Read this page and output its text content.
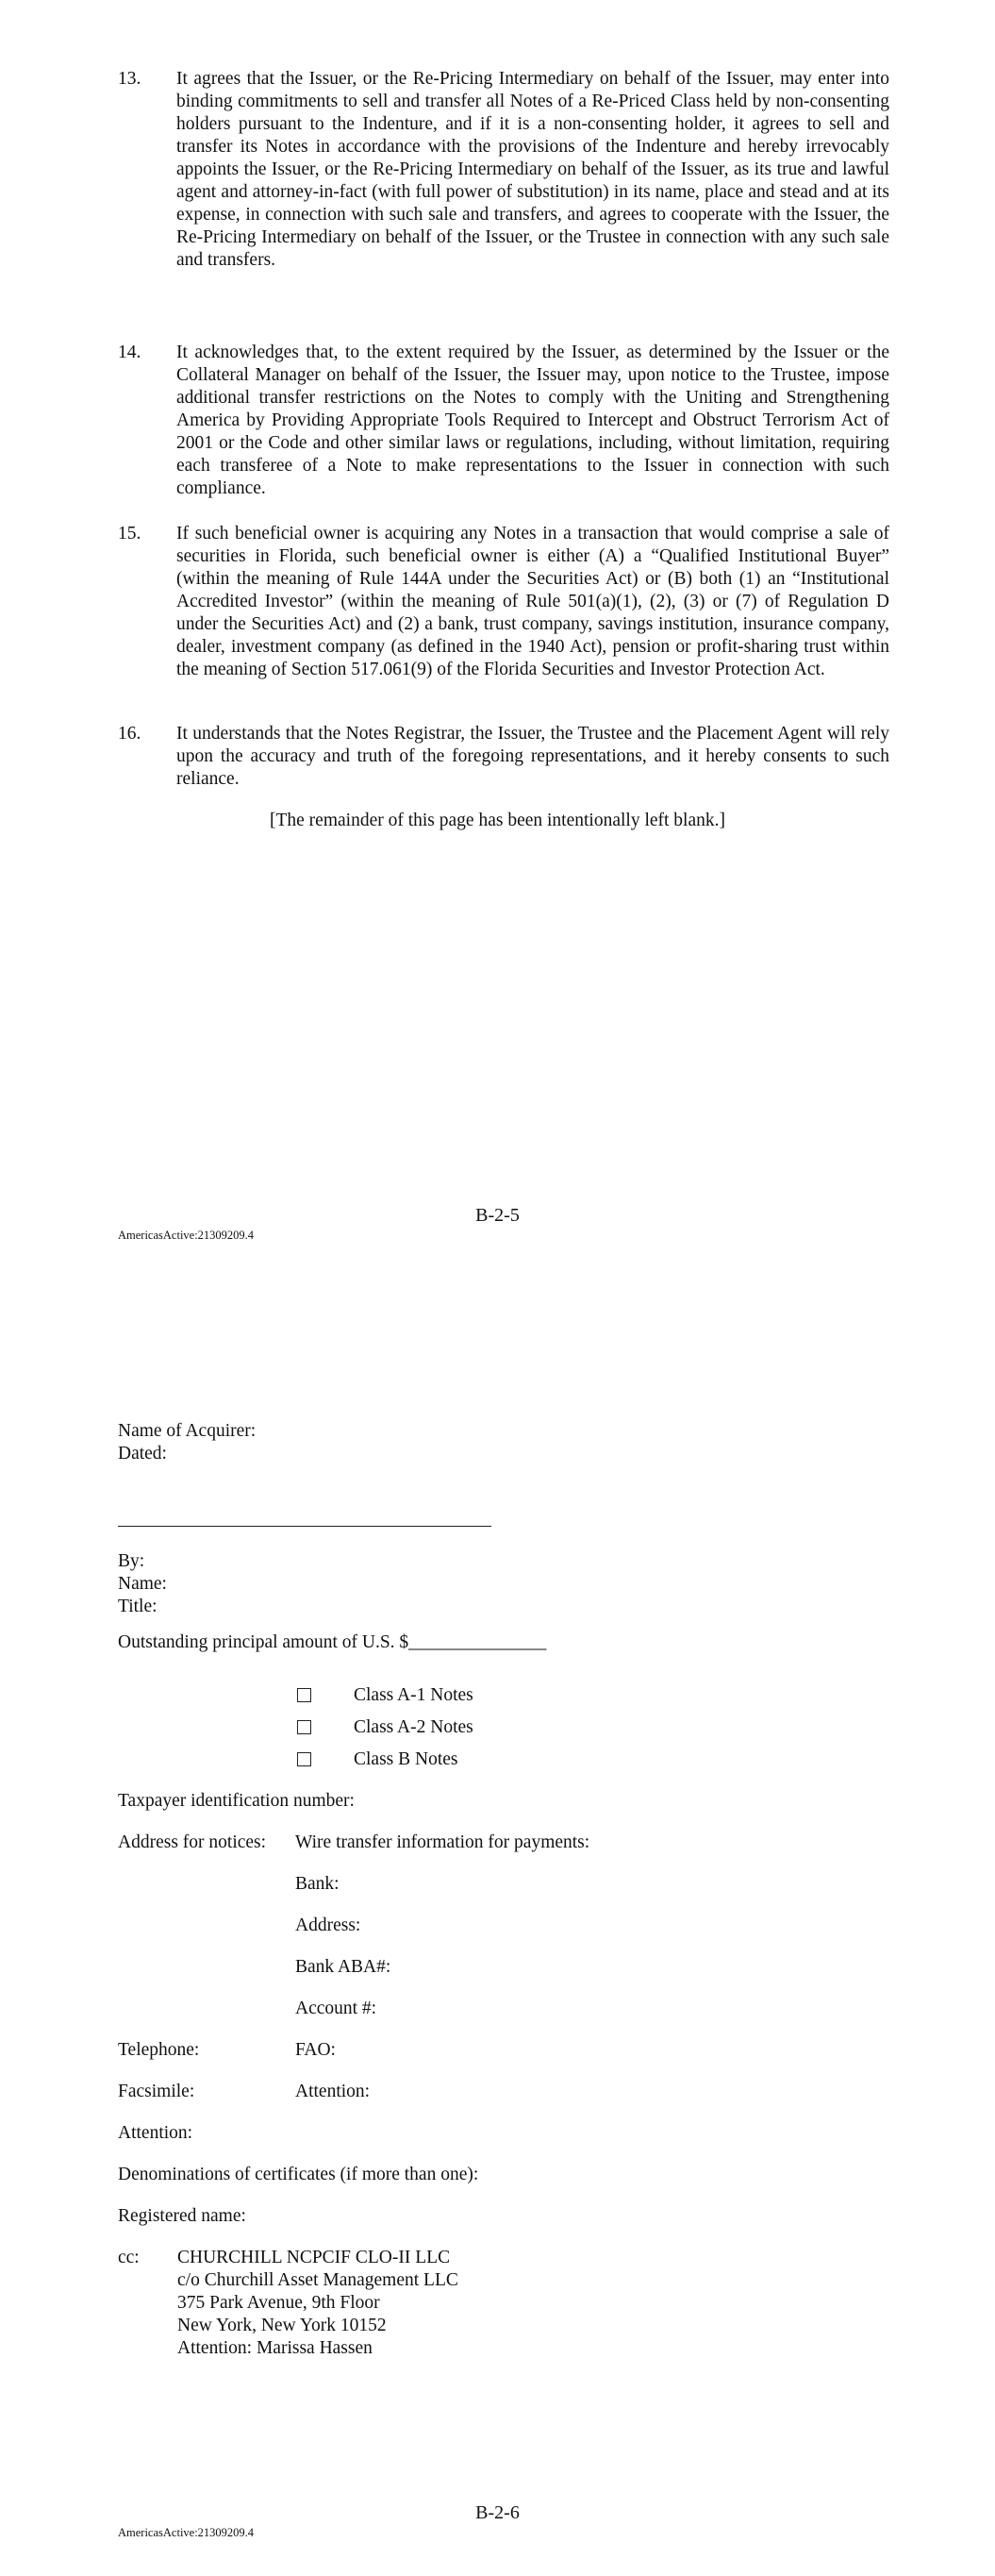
13.	It agrees that the Issuer, or the Re-Pricing Intermediary on behalf of the Issuer, may enter into binding commitments to sell and transfer all Notes of a Re-Priced Class held by non-consenting holders pursuant to the Indenture, and if it is a non-consenting holder, it agrees to sell and transfer its Notes in accordance with the provisions of the Indenture and hereby irrevocably appoints the Issuer, or the Re-Pricing Intermediary on behalf of the Issuer, as its true and lawful agent and attorney-in-fact (with full power of substitution) in its name, place and stead and at its expense, in connection with such sale and transfers, and agrees to cooperate with the Issuer, the Re-Pricing Intermediary on behalf of the Issuer, or the Trustee in connection with any such sale and transfers.
14.	It acknowledges that, to the extent required by the Issuer, as determined by the Issuer or the Collateral Manager on behalf of the Issuer, the Issuer may, upon notice to the Trustee, impose additional transfer restrictions on the Notes to comply with the Uniting and Strengthening America by Providing Appropriate Tools Required to Intercept and Obstruct Terrorism Act of 2001 or the Code and other similar laws or regulations, including, without limitation, requiring each transferee of a Note to make representations to the Issuer in connection with such compliance.
15.	If such beneficial owner is acquiring any Notes in a transaction that would comprise a sale of securities in Florida, such beneficial owner is either (A) a “Qualified Institutional Buyer” (within the meaning of Rule 144A under the Securities Act) or (B) both (1) an “Institutional Accredited Investor” (within the meaning of Rule 501(a)(1), (2), (3) or (7) of Regulation D under the Securities Act) and (2) a bank, trust company, savings institution, insurance company, dealer, investment company (as defined in the 1940 Act), pension or profit-sharing trust within the meaning of Section 517.061(9) of the Florida Securities and Investor Protection Act.
16.	It understands that the Notes Registrar, the Issuer, the Trustee and the Placement Agent will rely upon the accuracy and truth of the foregoing representations, and it hereby consents to such reliance.
[The remainder of this page has been intentionally left blank.]
B-2-5
AmericasActive:21309209.4
Name of Acquirer:
Dated:
By:
Name:
Title:
Outstanding principal amount of U.S. $_______________
Class A-1 Notes
Class A-2 Notes
Class B Notes
Taxpayer identification number:
Address for notices: Wire transfer information for payments:
Bank:
Address:
Bank ABA#:
Account #:
Telephone:	FAO:
Facsimile:	Attention:
Attention:
Denominations of certificates (if more than one):
Registered name:
cc: CHURCHILL NCPCIF CLO-II LLC
c/o Churchill Asset Management LLC
375 Park Avenue, 9th Floor
New York, New York 10152
Attention: Marissa Hassen
B-2-6
AmericasActive:21309209.4
